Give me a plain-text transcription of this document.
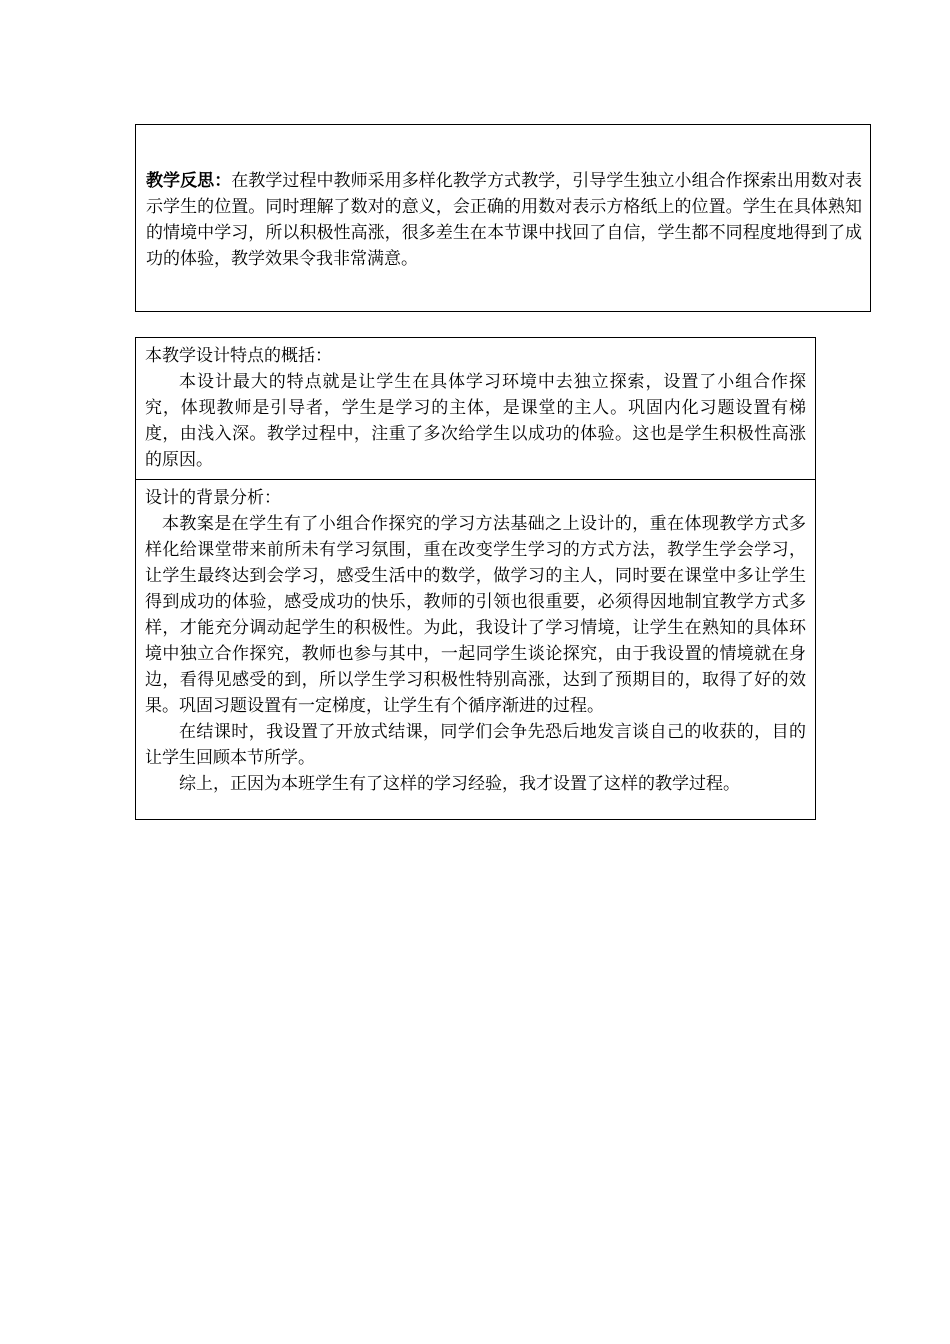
教学反思：在教学过程中教师采用多样化教学方式教学，引导学生独立小组合作探索出用数对表示学生的位置。同时理解了数对的意义，会正确的用数对表示方格纸上的位置。学生在具体熟知的情境中学习，所以积极性高涨，很多差生在本节课中找回了自信，学生都不同程度地得到了成功的体验，教学效果令我非常满意。

本教学设计特点的概括：

本设计最大的特点就是让学生在具体学习环境中去独立探索，设置了小组合作探究，体现教师是引导者，学生是学习的主体，是课堂的主人。巩固内化习题设置有梯度，由浅入深。教学过程中，注重了多次给学生以成功的体验。这也是学生积极性高涨的原因。

设计的背景分析：

本教案是在学生有了小组合作探究的学习方法基础之上设计的，重在体现教学方式多样化给课堂带来前所未有学习氛围，重在改变学生学习的方式方法，教学生学会学习，让学生最终达到会学习，感受生活中的数学，做学习的主人，同时要在课堂中多让学生得到成功的体验，感受成功的快乐，教师的引领也很重要，必须得因地制宜教学方式多样，才能充分调动起学生的积极性。为此，我设计了学习情境，让学生在熟知的具体环境中独立合作探究，教师也参与其中，一起同学生谈论探究，由于我设置的情境就在身边，看得见感受的到，所以学生学习积极性特别高涨，达到了预期目的，取得了好的效果。巩固习题设置有一定梯度，让学生有个循序渐进的过程。

在结课时，我设置了开放式结课，同学们会争先恐后地发言谈自己的收获的，目的让学生回顾本节所学。

综上，正因为本班学生有了这样的学习经验，我才设置了这样的教学过程。
